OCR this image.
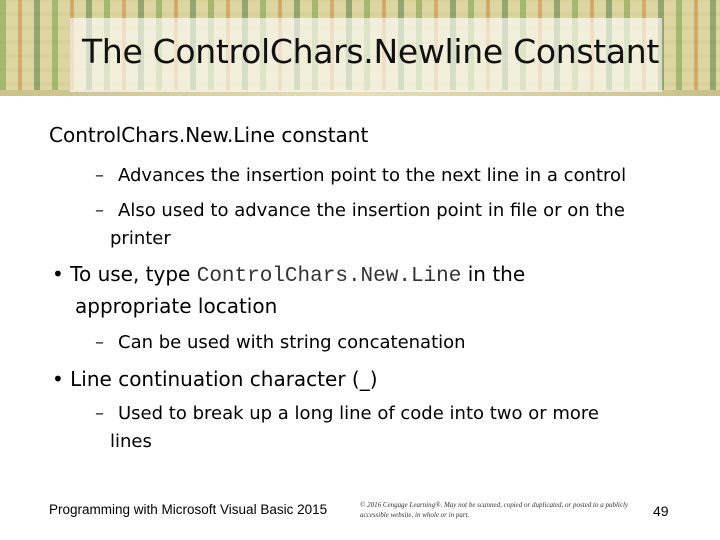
The ControlChars.Newline Constant
ControlChars.New.Line constant
– Advances the insertion point to the next line in a control
– Also used to advance the insertion point in file or on the
printer
• To use, type ControlChars.New.Line in the
appropriate location
– Can be used with string concatenation
• Line continuation character (_)
– Used to break up a long line of code into two or more
lines
Programming with Microsoft Visual Basic 2015	© 2016 Cengage Learning®. May not be scanned, copied or duplicated, or posted to a publicly accessible website, in whole or in part.	49
